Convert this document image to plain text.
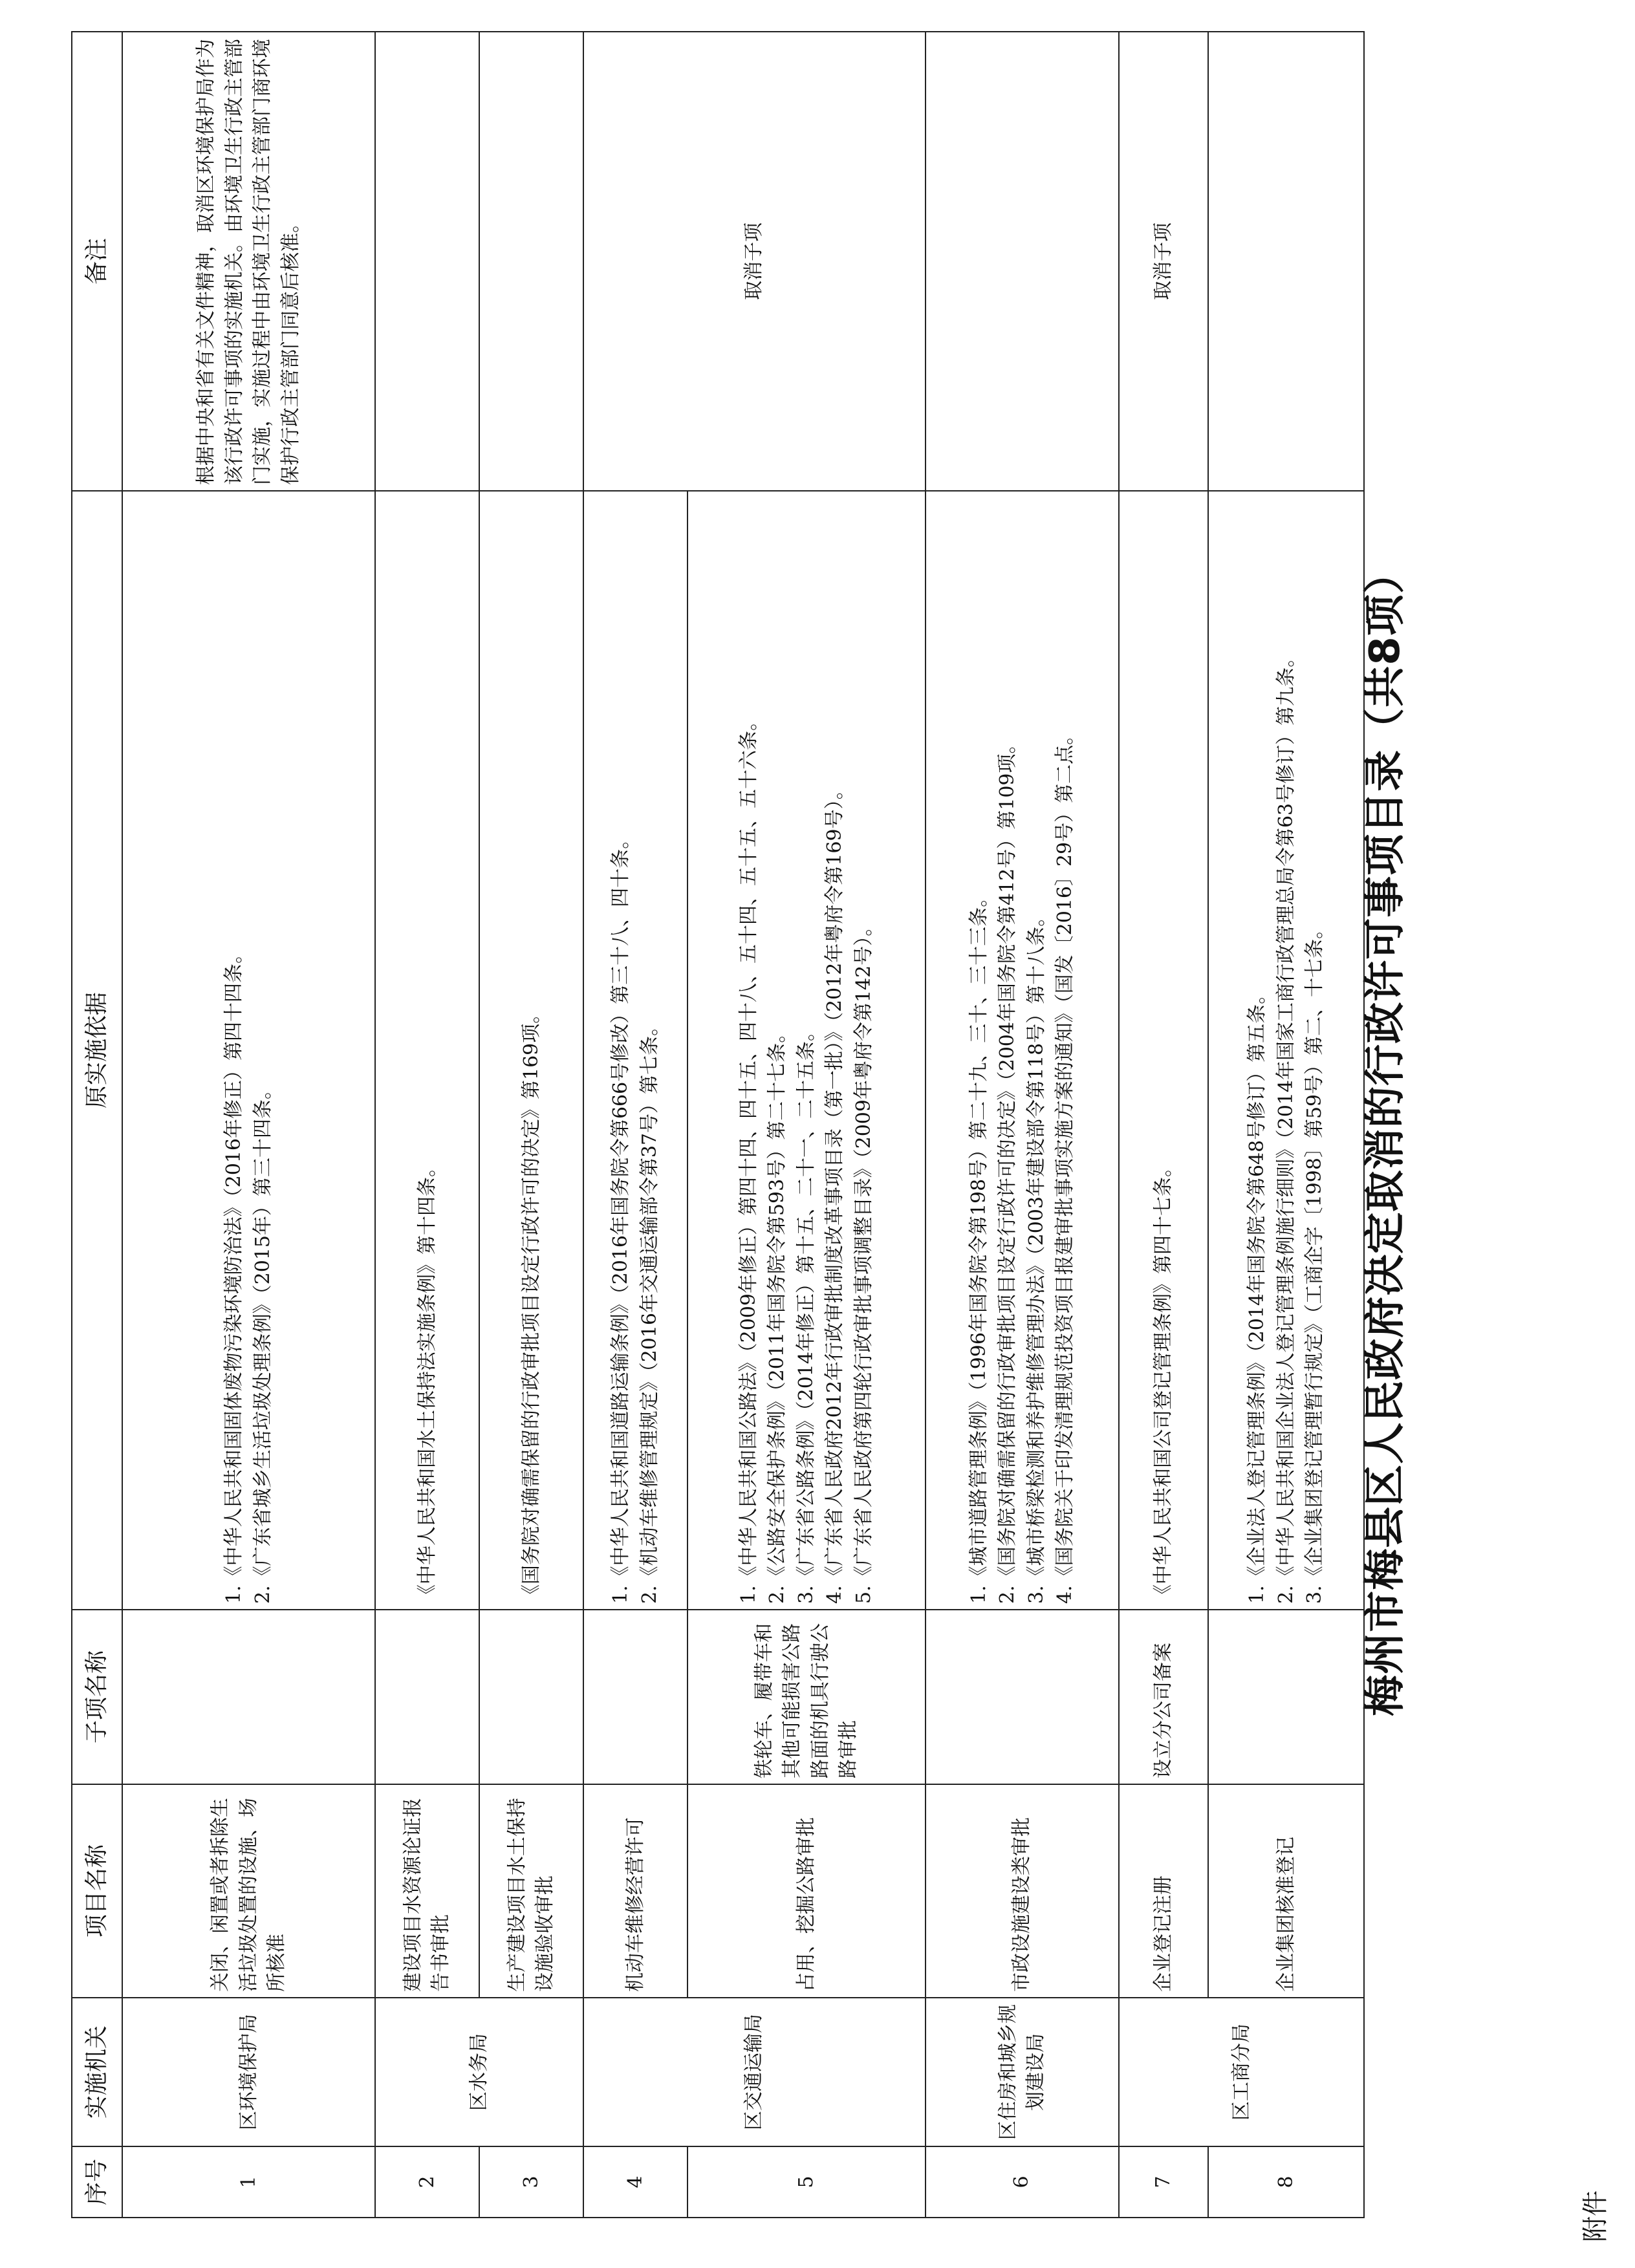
附件
梅州市梅县区人民政府决定取消的行政许可事项目录（共8项）
序号	实施机关	项目名称	子项名称	原实施依据	备注
1	区环境保护局	关闭、闲置或者拆除生活垃圾处置的设施、场所核准		1.《中华人民共和国固体废物污染环境防治法》（2016年修正）第四十四条。 2.《广东省城乡生活垃圾处理条例》（2015年）第三十四条。	根据中央和省有关文件精神，取消区环境保护局作为该行政许可事项的实施机关。由环境卫生行政主管部门实施，实施过程中由环境卫生行政主管部门商环境保护行政主管部门同意后核准。
2	区水务局	建设项目水资源论证报告书审批		《中华人民共和国水土保持法实施条例》第十四条。	

3		生产建设项目水土保持设施验收审批		《国务院对确需保留的行政审批项目设定行政许可的决定》第169项。	

4	区交通运输局	机动车维修经营许可		1.《中华人民共和国道路运输条例》（2016年国务院令第666号修改）第三十八、四十条。 2.《机动车维修管理规定》（2016年交通运输部令第37号）第七条。	取消子项
5		占用、挖掘公路审批	铁轮车、履带车和其他可能损害公路路面的机具行驶公路审批	1.《中华人民共和国公路法》（2009年修正）第四十四、四十五、四十八、五十四、五十五、五十六条。 2.《公路安全保护条例》（2011年国务院令第593号）第二十七条。 3.《广东省公路条例》（2014年修正）第十五、二十一、二十五条。 4.《广东省人民政府2012年行政审批制度改革事项目录（第一批）》（2012年粤府令第169号）。 5.《广东省人民政府第四轮行政审批事项调整目录》（2009年粤府令第142号）。	

6	区住房和城乡规划建设局	市政设施建设类审批		1.《城市道路管理条例》（1996年国务院令第198号）第二十九、三十、三十三条。 2.《国务院对确需保留的行政审批项目设定行政许可的决定》（2004年国务院令第412号）第109项。 3.《城市桥梁检测和养护维修管理办法》（2003年建设部令第118号）第十八条。 4.《国务院关于印发清理规范投资项目报建审批事项实施方案的通知》（国发〔2016〕29号）第二点。	

7	区工商分局	企业登记注册	设立分公司备案	《中华人民共和国公司登记管理条例》第四十七条。	取消子项
8		企业集团核准登记		1.《企业法人登记管理条例》（2014年国务院令第648号修订）第五条。 2.《中华人民共和国企业法人登记管理条例施行细则》（2014年国家工商行政管理总局令第63号修订）第九条。 3.《企业集团登记管理暂行规定》（工商企字〔1998〕第59号）第二、十七条。	
